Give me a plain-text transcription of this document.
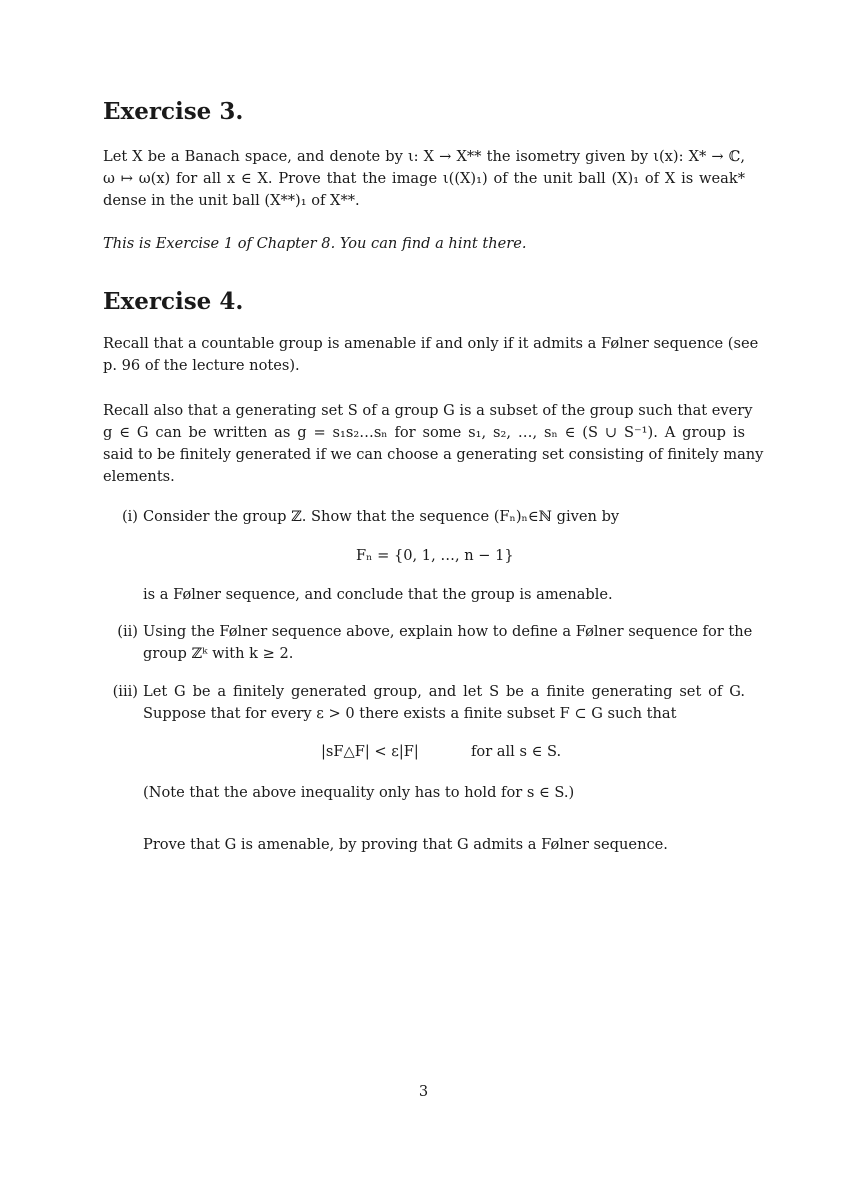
Exercise 3.
Let X be a Banach space, and denote by ι: X → X** the isometry given by ι(x): X* → ℂ,
ω ↦ ω(x) for all x ∈ X. Prove that the image ι((X)₁) of the unit ball (X)₁ of X is weak*
dense in the unit ball (X**)₁ of X**.

This is Exercise 1 of Chapter 8. You can find a hint there.

Exercise 4.
Recall that a countable group is amenable if and only if it admits a Følner sequence (see
p. 96 of the lecture notes).
Recall also that a generating set S of a group G is a subset of the group such that every
g ∈ G can be written as g = s₁s₂…sₙ for some s₁, s₂, …, sₙ ∈ (S ∪ S⁻¹). A group is
said to be finitely generated if we can choose a generating set consisting of finitely many
elements.
(i) Consider the group ℤ. Show that the sequence (Fₙ)ₙ∈ℕ given by

Fₙ = {0, 1, …, n − 1}

is a Følner sequence, and conclude that the group is amenable.

(ii) Using the Følner sequence above, explain how to define a Følner sequence for the
group ℤᵏ with k ≥ 2.
(iii) Let G be a finitely generated group, and let S be a finite generating set of G.
Suppose that for every ε > 0 there exists a finite subset F ⊂ G such that
|sF△F| < ε|F|	for all s ∈ S.

(Note that the above inequality only has to hold for s ∈ S.)

Prove that G is amenable, by proving that G admits a Følner sequence.

3
